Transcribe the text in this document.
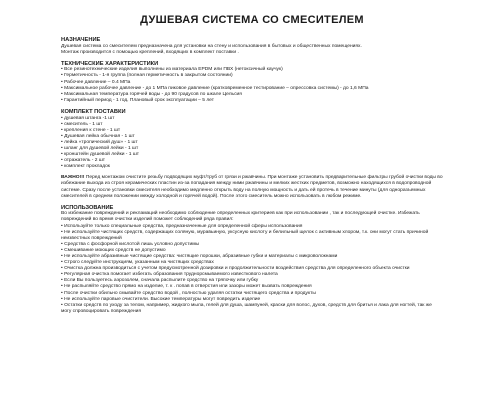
ДУШЕВАЯ СИСТЕМА СО СМЕСИТЕЛЕМ
НАЗНАЧЕНИЕ

Душевая система со смесителем предназначена для установки на стену и использования в бытовых и общественных помещениях.

Монтаж производится с помощью креплений, входящих в комплект поставки .

ТЕХНИЧЕСКИЕ ХАРАКТЕРИСТИКИ
• Все резинотехнические изделия выполнены из материала EPDM или ПВХ (нетоксичный каучук)
• Герметичность - 1-я группа (полная герметичность в закрытом состоянии)
• Рабочее давление – 0.4 МПа
• Максимальное рабочее давление - до 1 МПа пиковое давление (кратковременное тестирование – опрессовка системы) - до 1,6 МПа
• Максимальная температура горячей воды - до 90 градусов по шкале Цельсия
• Гарантийный период - 1 год. Плановый срок эксплуатации – 5 лет
КОМПЛЕКТ ПОСТАВКИ
• душевая штанга -1 шт
• смеситель - 1 шт
• крепления к стене - 1 шт
• Душевая лейка обычная - 1 шт
• лейка «тропический душ» - 1 шт
• шланг для душевой лейки - 1 шт
• кронштейн душевой лейки - 1 шт
• отражатель - 2 шт
• комплект прокладок

ВАЖНО!!! Перед монтажом очистите резьбу подводящих муфт/труб от грязи и ржавчины. При монтаже установить предварительные фильтры грубой очистки воды во избежание выхода из строя керамических пластин из-за попадания между ними ржавчины и мелких жестких предметов, возможно находящихся в водопроводной системе. Сразу после установки смесителя необходимо медленно открыть воду на полную мощность и дать ей протечь в течение минуты (для одноразъемных смесителей в среднем положении между холодной и горячей водой). После этого смеситель можно использовать в любом режиме.

ИСПОЛЬЗОВАНИЕ

Во избежание повреждений и рекламаций необходимо соблюдение определенных критериев как при использовании , так и последующей очистке. Избежать повреждений во время очистки изделий поможет соблюдений ряда правил:

• Используйте только специальные средства, предназначенные для определенной сферы использования
• Не используйте чистящих средств, содержащих соляную, муравьиную, уксусную кислоту и белильный щелок с активным хлором, т.к. они могут стать причиной неизвестных повреждений
• Средства с фосфорной кислотой лишь условно допустимы
• Смешивание моющих средств не допустимо
• Не используйте абразивные чистящие средства: чистящие порошки, абразивные губки и материалы с микроволокнами
• Строго следуйте инструкциям, указанным на чистящих средствах
• Очистка должна производиться с учетом предусмотренной дозировки и продолжительности воздействия средства для определенного объекта очистки
• Регулярная очистка помогает избегать образования труднорсмываемого известкового налета
• Если Вы пользуетесь аэрозолем, сначала распылите средство на тряпочку или губку
• Не распыляйте средство прямо на изделие, т. к . попав в отверстия или зазоры может вызвать повреждения
• После очистки обильно смывайте средство водой , полностью удаляя остатки чистящего средства и продукты
• Не используйте паровые очистители. Высокие температуры могут повредить изделие
• Остатки средств по уходу за телом, например, жидкого мыла, гелей для душа, шампуней, краски для волос, духов, средств для бритья и лака для ногтей, так же могу спровоцировать повреждения
